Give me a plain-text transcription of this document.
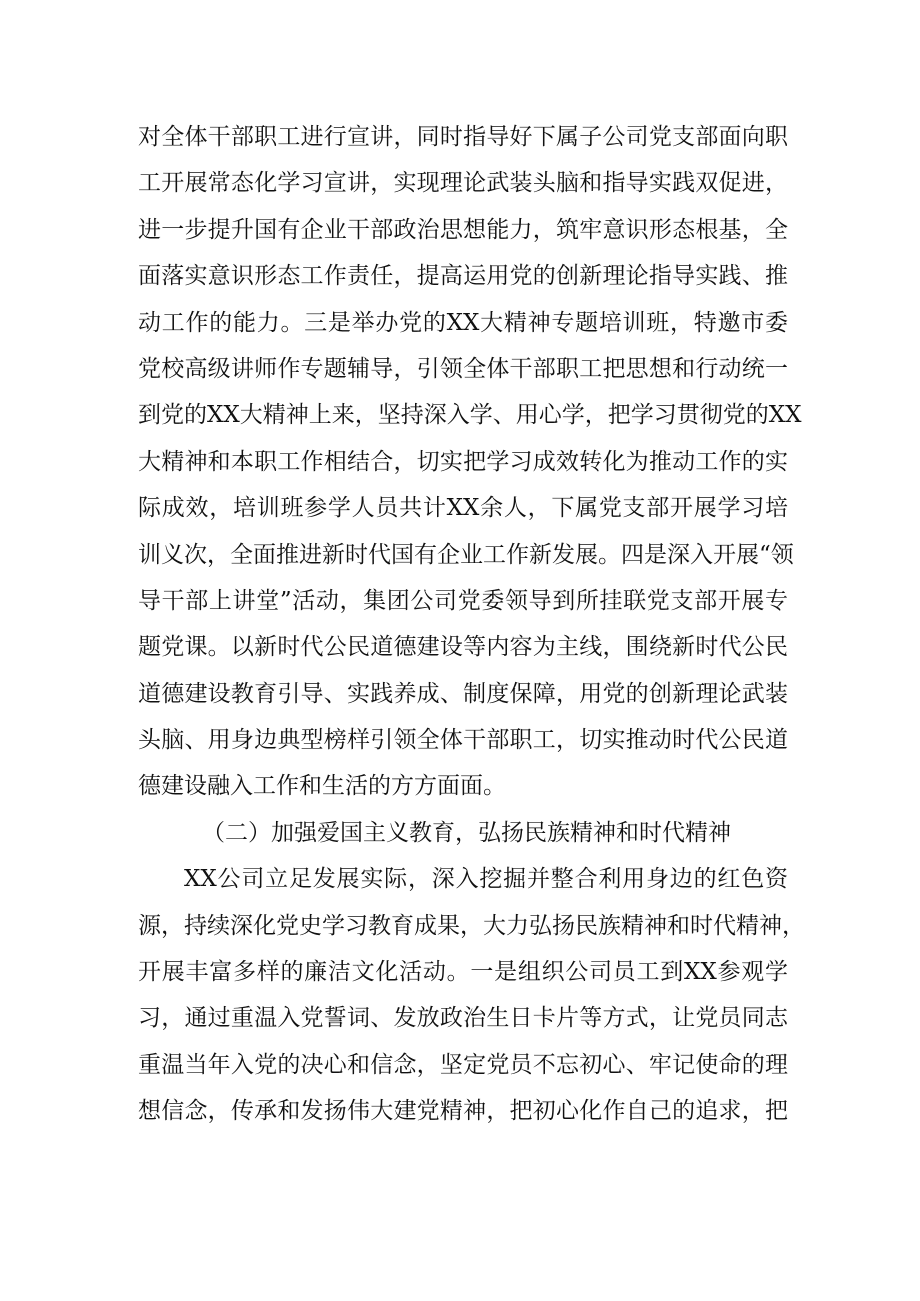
对全体干部职工进行宣讲，同时指导好下属子公司党支部面向职
工开展常态化学习宣讲，实现理论武装头脑和指导实践双促进，
进一步提升国有企业干部政治思想能力，筑牢意识形态根基，全
面落实意识形态工作责任，提高运用党的创新理论指导实践、推
动工作的能力。三是举办党的XX大精神专题培训班，特邀市委
党校高级讲师作专题辅导，引领全体干部职工把思想和行动统一
到党的XX大精神上来，坚持深入学、用心学，把学习贯彻党的XX
大精神和本职工作相结合，切实把学习成效转化为推动工作的实
际成效，培训班参学人员共计XX余人，下属党支部开展学习培
训义次，全面推进新时代国有企业工作新发展。四是深入开展“领
导干部上讲堂”活动，集团公司党委领导到所挂联党支部开展专
题党课。以新时代公民道德建设等内容为主线，围绕新时代公民
道德建设教育引导、实践养成、制度保障，用党的创新理论武装
头脑、用身边典型榜样引领全体干部职工，切实推动时代公民道
德建设融入工作和生活的方方面面。
（二）加强爱国主义教育，弘扬民族精神和时代精神
XX公司立足发展实际，深入挖掘并整合利用身边的红色资
源，持续深化党史学习教育成果，大力弘扬民族精神和时代精神，
开展丰富多样的廉洁文化活动。一是组织公司员工到XX参观学
习，通过重温入党誓词、发放政治生日卡片等方式，让党员同志
重温当年入党的决心和信念，坚定党员不忘初心、牢记使命的理
想信念，传承和发扬伟大建党精神，把初心化作自己的追求，把
